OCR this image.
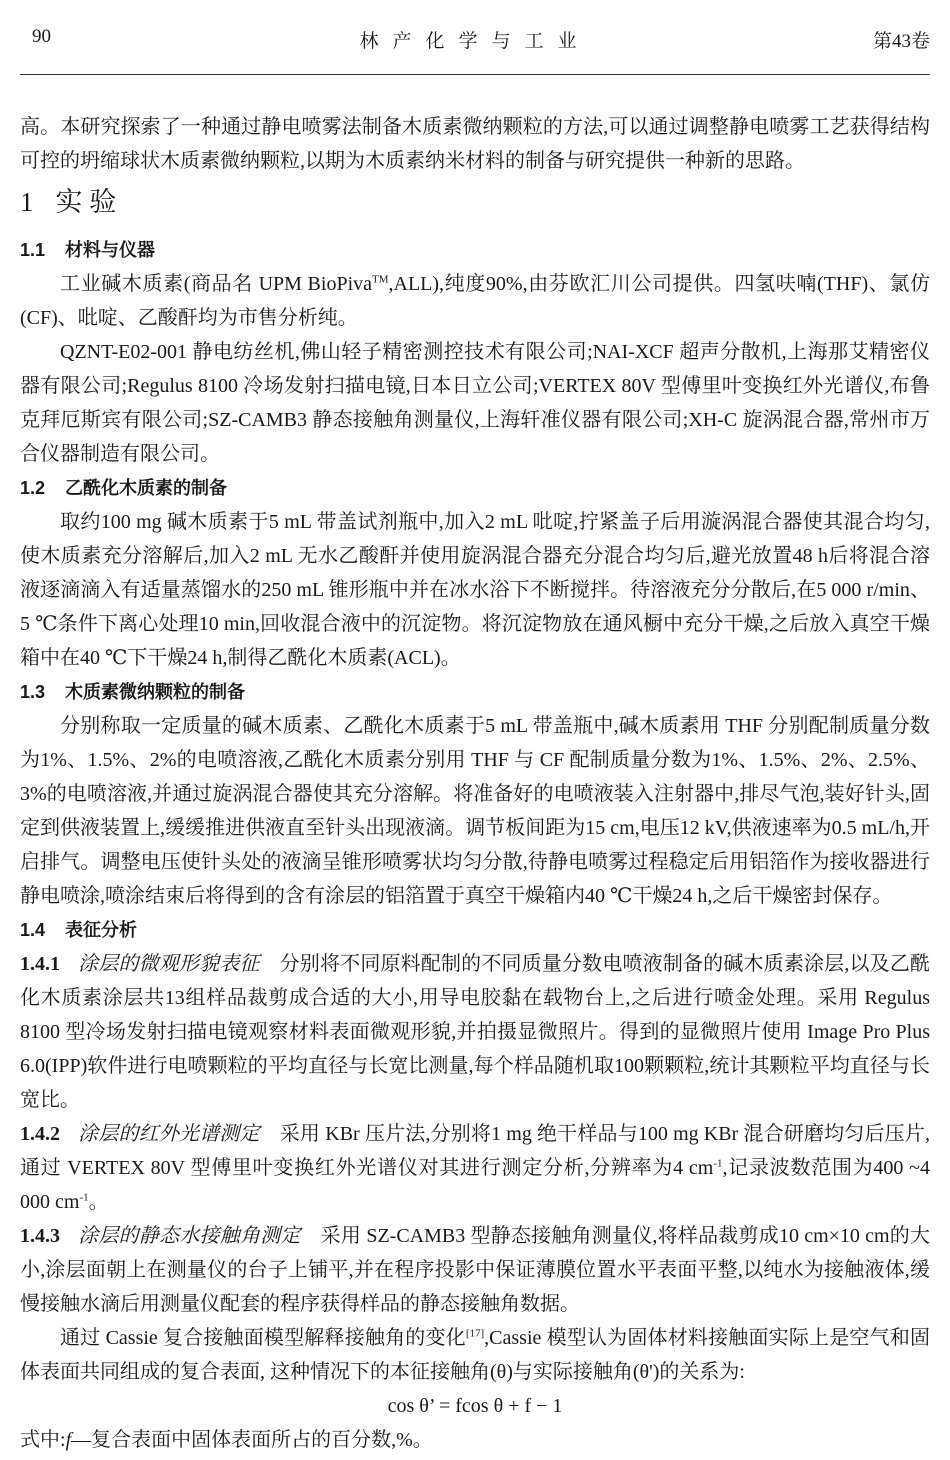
90	林产化学与工业	第43卷

高。本研究探索了一种通过静电喷雾法制备木质素微纳颗粒的方法,可以通过调整静电喷雾工艺获得结构可控的坍缩球状木质素微纳颗粒,以期为木质素纳米材料的制备与研究提供一种新的思路。

1 实 验
1.1 材料与仪器

工业碱木质素(商品名 UPM BioPiva™,ALL),纯度90%,由芬欧汇川公司提供。四氢呋喃(THF)、氯仿(CF)、吡啶、乙酸酐均为市售分析纯。

QZNT-E02-001 静电纺丝机,佛山轻子精密测控技术有限公司;NAI-XCF 超声分散机,上海那艾精密仪器有限公司;Regulus 8100 冷场发射扫描电镜,日本日立公司;VERTEX 80V 型傅里叶变换红外光谱仪,布鲁克拜厄斯宾有限公司;SZ-CAMB3 静态接触角测量仪,上海轩准仪器有限公司;XH-C 旋涡混合器,常州市万合仪器制造有限公司。

1.2 乙酰化木质素的制备

取约100 mg 碱木质素于5 mL 带盖试剂瓶中,加入2 mL 吡啶,拧紧盖子后用漩涡混合器使其混合均匀,使木质素充分溶解后,加入2 mL 无水乙酸酐并使用旋涡混合器充分混合均匀后,避光放置48 h后将混合溶液逐滴滴入有适量蒸馏水的250 mL 锥形瓶中并在冰水浴下不断搅拌。待溶液充分分散后,在5 000 r/min、5 ℃条件下离心处理10 min,回收混合液中的沉淀物。将沉淀物放在通风橱中充分干燥,之后放入真空干燥箱中在40 ℃下干燥24 h,制得乙酰化木质素(ACL)。

1.3 木质素微纳颗粒的制备

分别称取一定质量的碱木质素、乙酰化木质素于5 mL 带盖瓶中,碱木质素用 THF 分别配制质量分数为1%、1.5%、2%的电喷溶液,乙酰化木质素分别用 THF 与 CF 配制质量分数为1%、1.5%、2%、2.5%、3%的电喷溶液,并通过旋涡混合器使其充分溶解。将准备好的电喷液装入注射器中,排尽气泡,装好针头,固定到供液装置上,缓缓推进供液直至针头出现液滴。调节板间距为15 cm,电压12 kV,供液速率为0.5 mL/h,开启排气。调整电压使针头处的液滴呈锥形喷雾状均匀分散,待静电喷雾过程稳定后用铝箔作为接收器进行静电喷涂,喷涂结束后将得到的含有涂层的铝箔置于真空干燥箱内40 ℃干燥24 h,之后干燥密封保存。

1.4 表征分析

1.4.1 涂层的微观形貌表征 分别将不同原料配制的不同质量分数电喷液制备的碱木质素涂层,以及乙酰化木质素涂层共13组样品裁剪成合适的大小,用导电胶黏在载物台上,之后进行喷金处理。采用 Regulus 8100 型冷场发射扫描电镜观察材料表面微观形貌,并拍摄显微照片。得到的显微照片使用 Image Pro Plus 6.0(IPP)软件进行电喷颗粒的平均直径与长宽比测量,每个样品随机取100颗颗粒,统计其颗粒平均直径与长宽比。

1.4.2 涂层的红外光谱测定 采用 KBr 压片法,分别将1 mg 绝干样品与100 mg KBr 混合研磨均匀后压片,通过 VERTEX 80V 型傅里叶变换红外光谱仪对其进行测定分析,分辨率为4 $cm^{-1}$,记录波数范围为400 ~4 000 $cm^{-1}$。

1.4.3 涂层的静态水接触角测定 采用 SZ-CAMB3 型静态接触角测量仪,将样品裁剪成10 cm×10 cm的大小,涂层面朝上在测量仪的台子上铺平,并在程序投影中保证薄膜位置水平表面平整,以纯水为接触液体,缓慢接触水滴后用测量仪配套的程序获得样品的静态接触角数据。

通过 Cassie 复合接触面模型解释接触角的变化[17],Cassie 模型认为固体材料接触面实际上是空气和固体表面共同组成的复合表面, 这种情况下的本征接触角(θ)与实际接触角(θ')的关系为:

cos θ’ = fcos θ + f − 1

式中:f—复合表面中固体表面所占的百分数,%。
